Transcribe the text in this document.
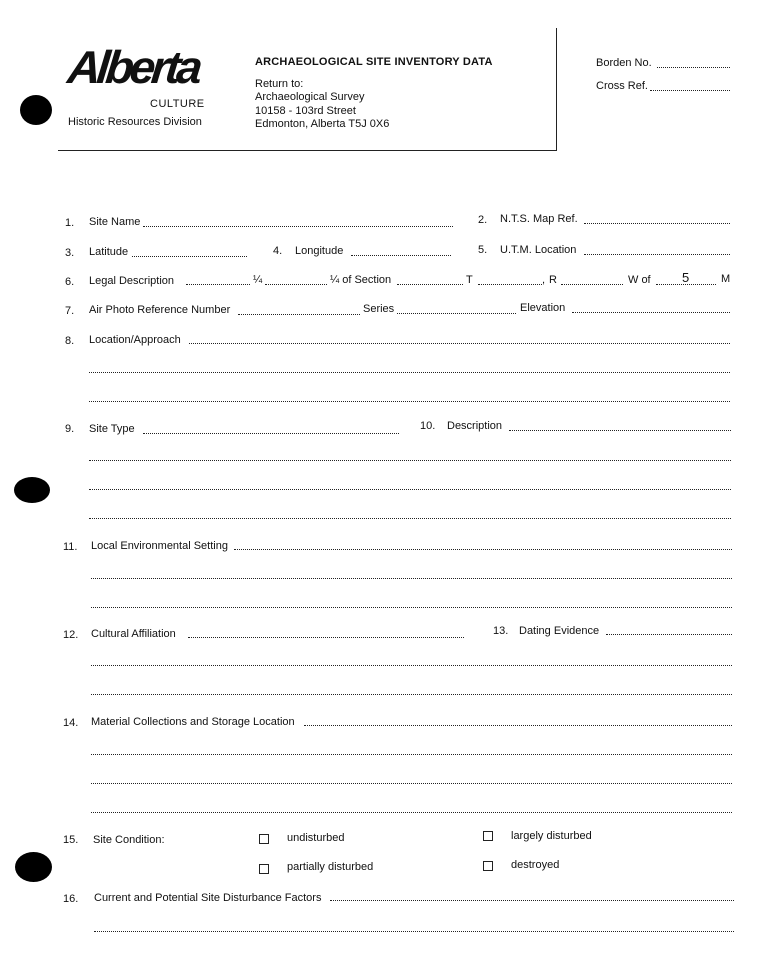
Alberta
CULTURE
Historic Resources Division
ARCHAEOLOGICAL SITE INVENTORY DATA
Return to:
Archaeological Survey
10158 - 103rd Street
Edmonton, Alberta T5J 0X6
Borden No.
Cross Ref.
1. Site Name	2. N.T.S. Map Ref.
3. Latitude	4. Longitude	5. U.T.M. Location
6. Legal Description	¼	¼ of Section	T	, R	W of 5	M
7. Air Photo Reference Number	Series	Elevation
8. Location/Approach
9. Site Type	10. Description
11. Local Environmental Setting
12. Cultural Affiliation	13. Dating Evidence
14. Material Collections and Storage Location
15. Site Condition:	undisturbed	largely disturbed
partially disturbed	destroyed
16. Current and Potential Site Disturbance Factors
